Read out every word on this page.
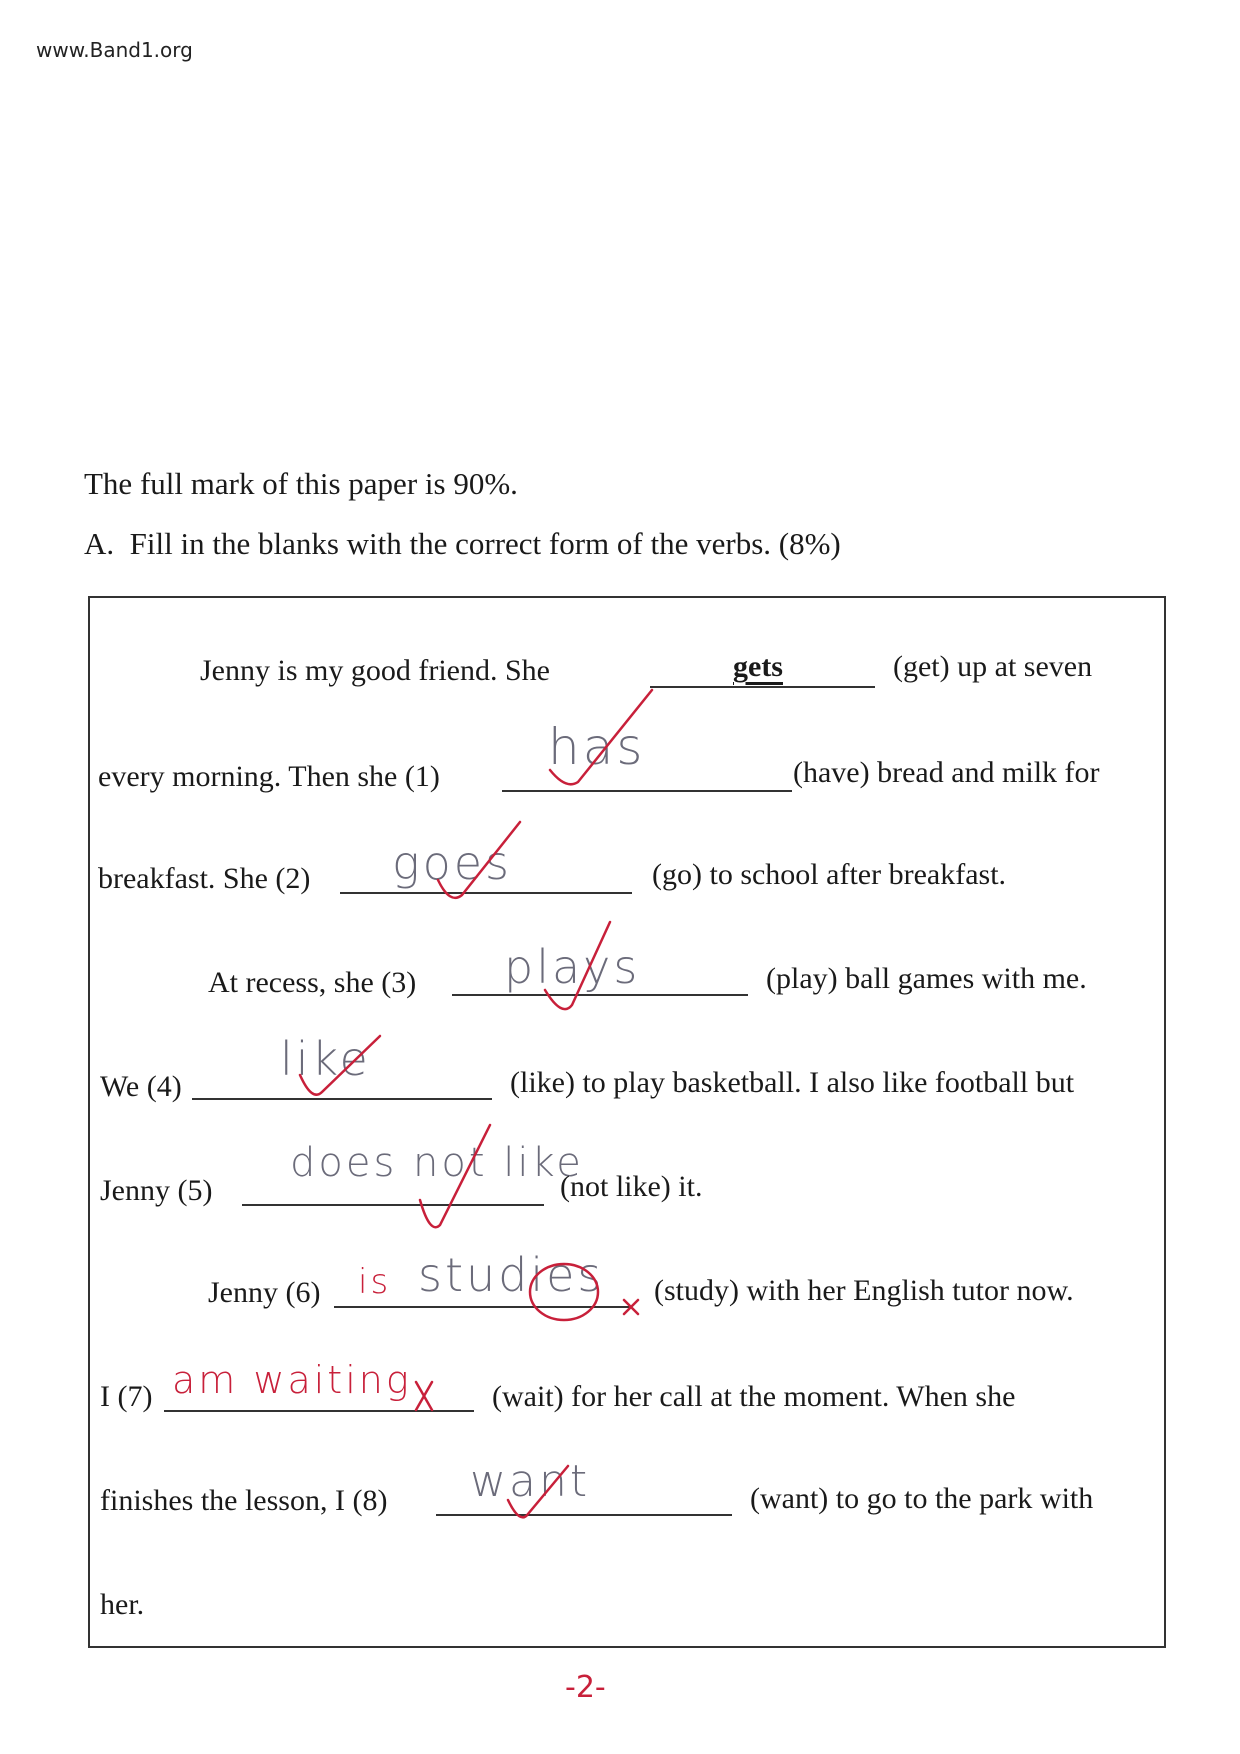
www.Band1.org
The full mark of this paper is 90%.
A. Fill in the blanks with the correct form of the verbs. (8%)
Jenny is my good friend. She	gets	(get) up at seven
every morning. Then she (1)
has	(have) bread and milk for
breakfast. She (2) goes	(go) to school after breakfast.
At recess, she (3) plays	(play) ball games with me.
We (4)
like	(like) to play basketball. I also like football but
Jenny (5)
does not like
(not like) it.
Jenny (6) is studies (study) with her English tutor now.
I (7) am waiting	(wait) for her call at the moment. When she
finishes the lesson, I (8) want	(want) to go to the park with
her.
-2-
